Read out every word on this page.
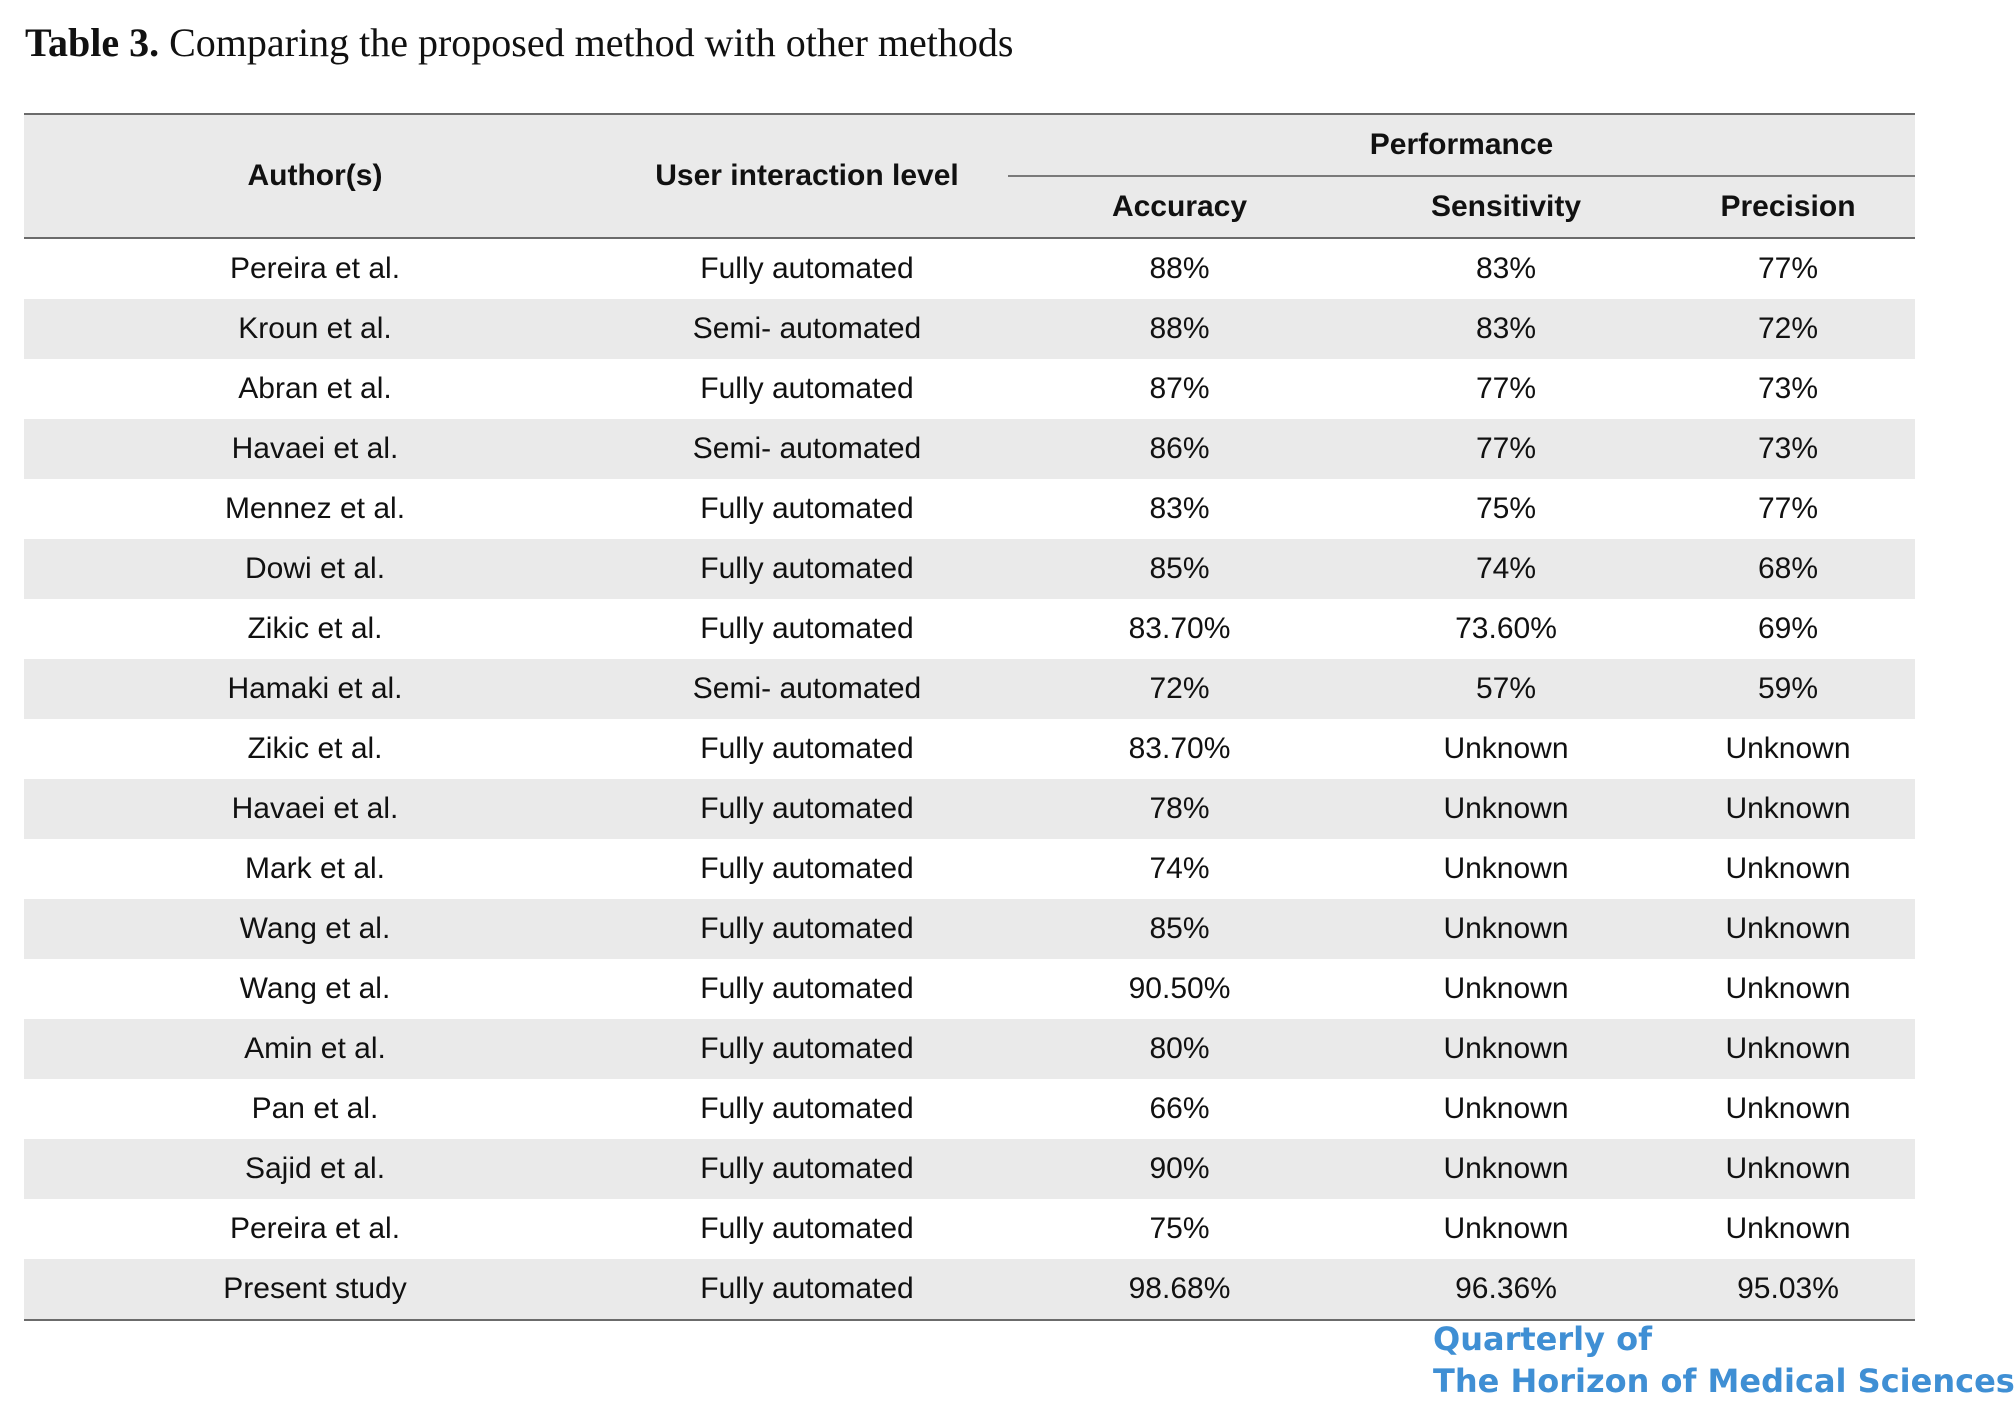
Table 3. Comparing the proposed method with other methods
Author(s)	User interaction level	Performance		
		Accuracy	Sensitivity	Precision
Pereira et al.	Fully automated	88%	83%	77%
Kroun et al.	Semi- automated	88%	83%	72%
Abran et al.	Fully automated	87%	77%	73%
Havaei et al.	Semi- automated	86%	77%	73%
Mennez et al.	Fully automated	83%	75%	77%
Dowi et al.	Fully automated	85%	74%	68%
Zikic et al.	Fully automated	83.70%	73.60%	69%
Hamaki et al.	Semi- automated	72%	57%	59%
Zikic et al.	Fully automated	83.70%	Unknown	Unknown
Havaei et al.	Fully automated	78%	Unknown	Unknown
Mark et al.	Fully automated	74%	Unknown	Unknown
Wang et al.	Fully automated	85%	Unknown	Unknown
Wang et al.	Fully automated	90.50%	Unknown	Unknown
Amin et al.	Fully automated	80%	Unknown	Unknown
Pan et al.	Fully automated	66%	Unknown	Unknown
Sajid et al.	Fully automated	90%	Unknown	Unknown
Pereira et al.	Fully automated	75%	Unknown	Unknown
Present study	Fully automated	98.68%	96.36%	95.03%
Quarterly of
The Horizon of Medical Sciences
